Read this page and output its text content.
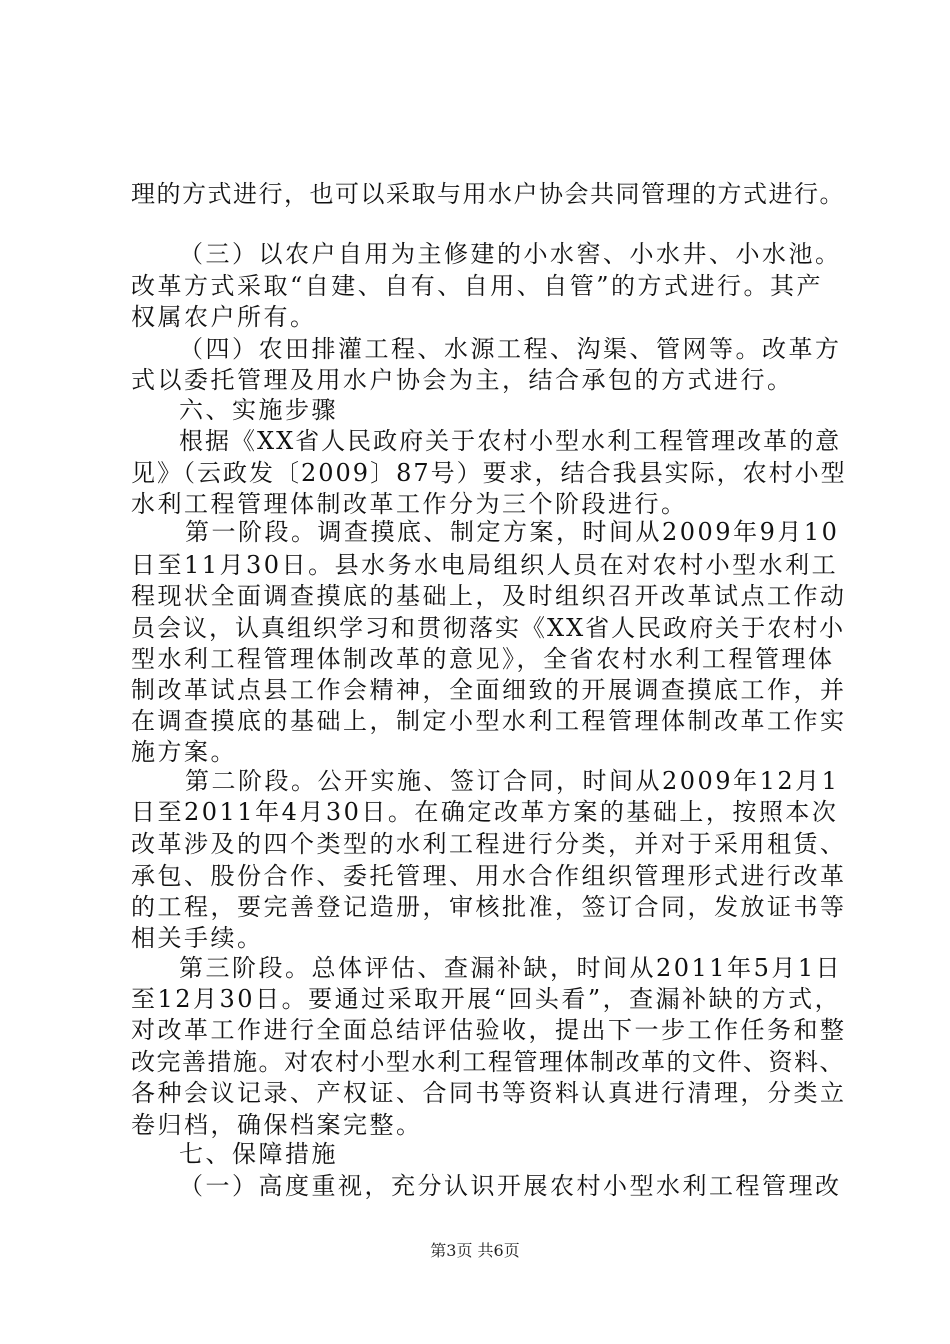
理的方式进行，也可以采取与用水户协会共同管理的方式进行。
（三）以农户自用为主修建的小水窖、小水井、小水池。
改革方式采取“自建、自有、自用、自管”的方式进行。其产
权属农户所有。
（四）农田排灌工程、水源工程、沟渠、管网等。改革方
式以委托管理及用水户协会为主，结合承包的方式进行。
六、实施步骤
根据《XX省人民政府关于农村小型水利工程管理改革的意
见》（云政发〔2009〕87号）要求，结合我县实际，农村小型
水利工程管理体制改革工作分为三个阶段进行。
第一阶段。调查摸底、制定方案，时间从2009年9月10
日至11月30日。县水务水电局组织人员在对农村小型水利工
程现状全面调查摸底的基础上，及时组织召开改革试点工作动
员会议，认真组织学习和贯彻落实《XX省人民政府关于农村小
型水利工程管理体制改革的意见》，全省农村水利工程管理体
制改革试点县工作会精神，全面细致的开展调查摸底工作，并
在调查摸底的基础上，制定小型水利工程管理体制改革工作实
施方案。
第二阶段。公开实施、签订合同，时间从2009年12月1
日至2011年4月30日。在确定改革方案的基础上，按照本次
改革涉及的四个类型的水利工程进行分类，并对于采用租赁、
承包、股份合作、委托管理、用水合作组织管理形式进行改革
的工程，要完善登记造册，审核批准，签订合同，发放证书等
相关手续。
第三阶段。总体评估、查漏补缺，时间从2011年5月1日
至12月30日。要通过采取开展“回头看”，查漏补缺的方式，
对改革工作进行全面总结评估验收，提出下一步工作任务和整
改完善措施。对农村小型水利工程管理体制改革的文件、资料、
各种会议记录、产权证、合同书等资料认真进行清理，分类立
卷归档，确保档案完整。
七、保障措施
（一）高度重视，充分认识开展农村小型水利工程管理改
第3页 共6页
